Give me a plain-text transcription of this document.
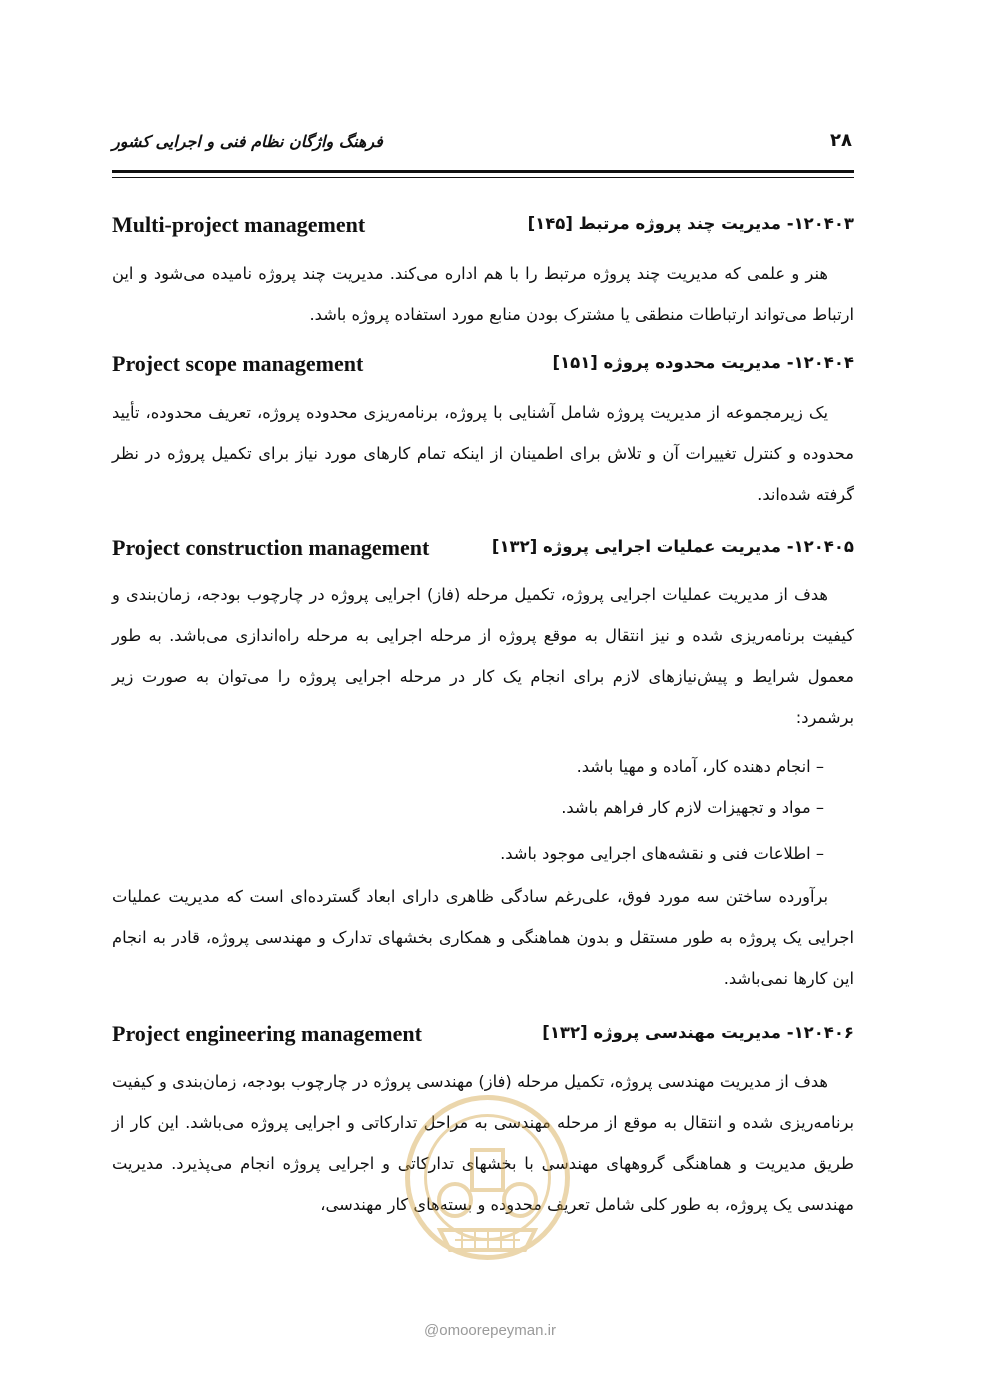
۲۸
فرهنگ واژگان نظام فنی و اجرایی کشور
Multi-project management	۱۲۰۴۰۳- مدیریت چند پروژه مرتبط [۱۴۵]

هنر و علمی که مدیریت چند پروژه مرتبط را با هم اداره می‌کند. مدیریت چند پروژه نامیده می‌شود و این ارتباط می‌تواند ارتباطات منطقی یا مشترک بودن منابع مورد استفاده پروژه باشد.

Project scope management	۱۲۰۴۰۴- مدیریت محدوده پروژه [۱۵۱]

یک زیرمجموعه از مدیریت پروژه شامل آشنایی با پروژه، برنامه‌ریزی محدوده پروژه، تعریف محدوده، تأیید محدوده و کنترل تغییرات آن و تلاش برای اطمینان از اینکه تمام کارهای مورد نیاز برای تکمیل پروژه در نظر گرفته شده‌اند.

Project construction management	۱۲۰۴۰۵- مدیریت عملیات اجرایی پروژه [۱۳۲]

هدف از مدیریت عملیات اجرایی پروژه، تکمیل مرحله (فاز) اجرایی پروژه در چارچوب بودجه، زمان‌بندی و کیفیت برنامه‌ریزی شده و نیز انتقال به موقع پروژه از مرحله اجرایی به مرحله راه‌اندازی می‌باشد. به طور معمول شرایط و پیش‌نیازهای لازم برای انجام یک کار در مرحله اجرایی پروژه را می‌توان به صورت زیر برشمرد:

– انجام دهنده کار، آماده و مهیا باشد.
– مواد و تجهیزات لازم کار فراهم باشد.
– اطلاعات فنی و نقشه‌های اجرایی موجود باشد.

برآورده ساختن سه مورد فوق، علی‌رغم سادگی ظاهری دارای ابعاد گسترده‌ای است که مدیریت عملیات اجرایی یک پروژه به طور مستقل و بدون هماهنگی و همکاری بخشهای تدارک و مهندسی پروژه، قادر به انجام این کارها نمی‌باشد.

Project engineering management	۱۲۰۴۰۶- مدیریت مهندسی پروژه [۱۳۲]

هدف از مدیریت مهندسی پروژه، تکمیل مرحله (فاز) مهندسی پروژه در چارچوب بودجه، زمان‌بندی و کیفیت برنامه‌ریزی شده و انتقال به موقع از مرحله مهندسی به مراحل تدارکاتی و اجرایی پروژه می‌باشد. این کار از طریق مدیریت و هماهنگی گروههای مهندسی با بخشهای تدارکاتی و اجرایی پروژه انجام می‌پذیرد. مدیریت مهندسی یک پروژه، به طور کلی شامل تعریف محدوده و بسته‌های کار مهندسی،

@omoorepeyman.ir
